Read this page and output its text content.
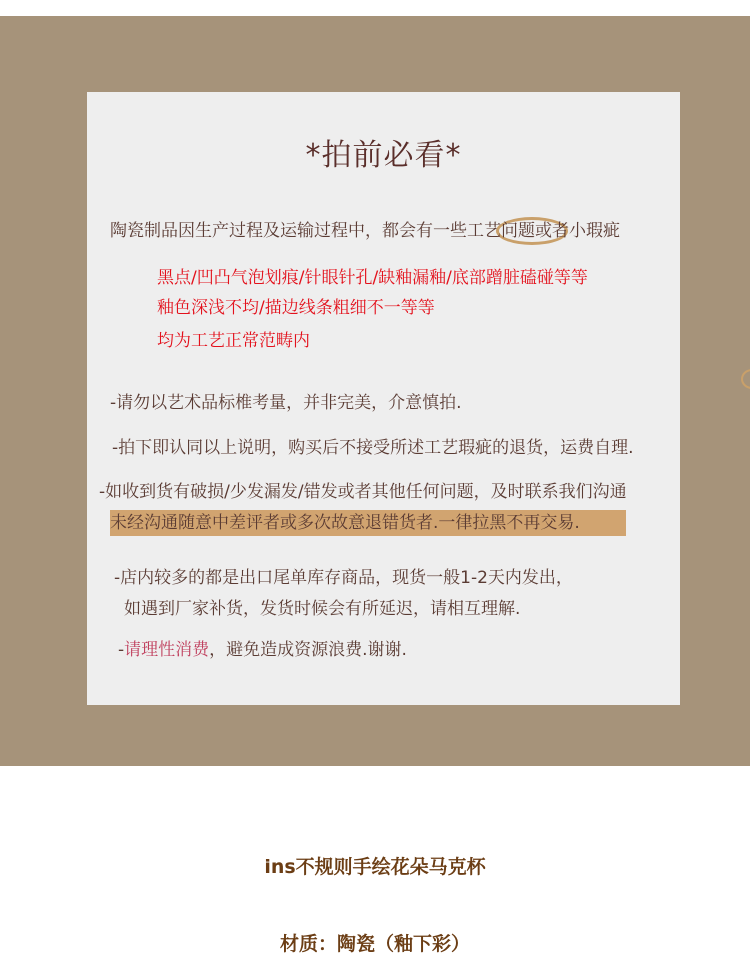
*拍前必看*
陶瓷制品因生产过程及运输过程中，都会有一些工艺问题或者小瑕疵
黑点/凹凸气泡划痕/针眼针孔/缺釉漏釉/底部蹭脏磕碰等等
釉色深浅不均/描边线条粗细不一等等
均为工艺正常范畴内
-请勿以艺术品标椎考量，并非完美，介意慎拍.
-拍下即认同以上说明，购买后不接受所述工艺瑕疵的退货，运费自理.
-如收到货有破损/少发漏发/错发或者其他任何问题，及时联系我们沟通
未经沟通随意中差评者或多次故意退错货者.一律拉黑不再交易.
-店内较多的都是出口尾单库存商品，现货一般1-2天内发出，
如遇到厂家补货，发货时候会有所延迟，请相互理解.
-请理性消费，避免造成资源浪费.谢谢.
ins不规则手绘花朵马克杯
材质：陶瓷（釉下彩）
